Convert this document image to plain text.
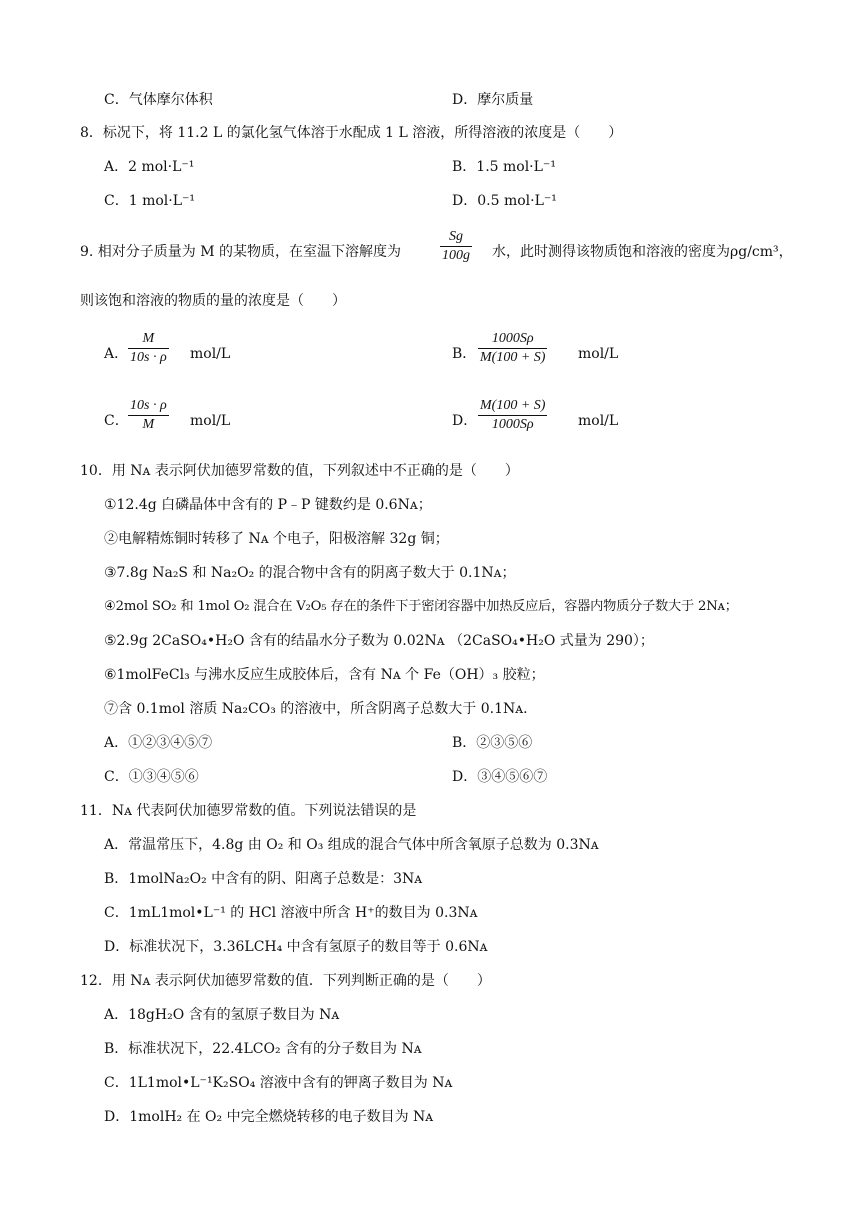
C．气体摩尔体积	D．摩尔质量
8．标况下，将 11.2 L 的氯化氢气体溶于水配成 1 L 溶液，所得溶液的浓度是（　　）
A．2 mol·L⁻¹	B．1.5 mol·L⁻¹
C．1 mol·L⁻¹	D．0.5 mol·L⁻¹
9. 相对分子质量为 M 的某物质，在室温下溶解度为	$\frac{Sg}{100g}$ 水，此时测得该物质饱和溶液的密度为ρg/cm³，
则该饱和溶液的物质的量的浓度是（　　）
A． $\frac{M}{10s \cdot \rho} mol/L$	B． $\frac{1000S\rho}{M(100 + S)} mol/L$
C． $\frac{10s \cdot \rho}{M} mol/L$	D． $\frac{M(100 + S)}{1000S\rho} mol/L$
10．用 Nᴀ 表示阿伏加德罗常数的值，下列叙述中不正确的是（　　）
①12.4g 白磷晶体中含有的 P﹣P 键数约是 0.6Nᴀ；
②电解精炼铜时转移了 Nᴀ 个电子，阳极溶解 32g 铜；
③7.8g Na₂S 和 Na₂O₂ 的混合物中含有的阴离子数大于 0.1Nᴀ；
④2mol SO₂ 和 1mol O₂ 混合在 V₂O₅ 存在的条件下于密闭容器中加热反应后，容器内物质分子数大于 2Nᴀ；
⑤2.9g 2CaSO₄•H₂O 含有的结晶水分子数为 0.02Nᴀ （2CaSO₄•H₂O 式量为 290）；
⑥1molFeCl₃ 与沸水反应生成胶体后，含有 Nᴀ 个 Fe（OH）₃ 胶粒；
⑦含 0.1mol 溶质 Na₂CO₃ 的溶液中，所含阴离子总数大于 0.1Nᴀ.
A．①②③④⑤⑦	B．②③⑤⑥
C．①③④⑤⑥	D．③④⑤⑥⑦
11．Nᴀ 代表阿伏加德罗常数的值。下列说法错误的是
A．常温常压下，4.8g 由 O₂ 和 O₃ 组成的混合气体中所含氧原子总数为 0.3Nᴀ
B．1molNa₂O₂ 中含有的阴、阳离子总数是：3Nᴀ
C．1mL1mol•L⁻¹ 的 HCl 溶液中所含 H⁺的数目为 0.3Nᴀ
D．标准状况下，3.36LCH₄ 中含有氢原子的数目等于 0.6Nᴀ
12．用 Nᴀ 表示阿伏加德罗常数的值．下列判断正确的是（　　）
A．18gH₂O 含有的氢原子数目为 Nᴀ
B．标准状况下，22.4LCO₂ 含有的分子数目为 Nᴀ
C．1L1mol•L⁻¹K₂SO₄ 溶液中含有的钾离子数目为 Nᴀ
D．1molH₂ 在 O₂ 中完全燃烧转移的电子数目为 Nᴀ
